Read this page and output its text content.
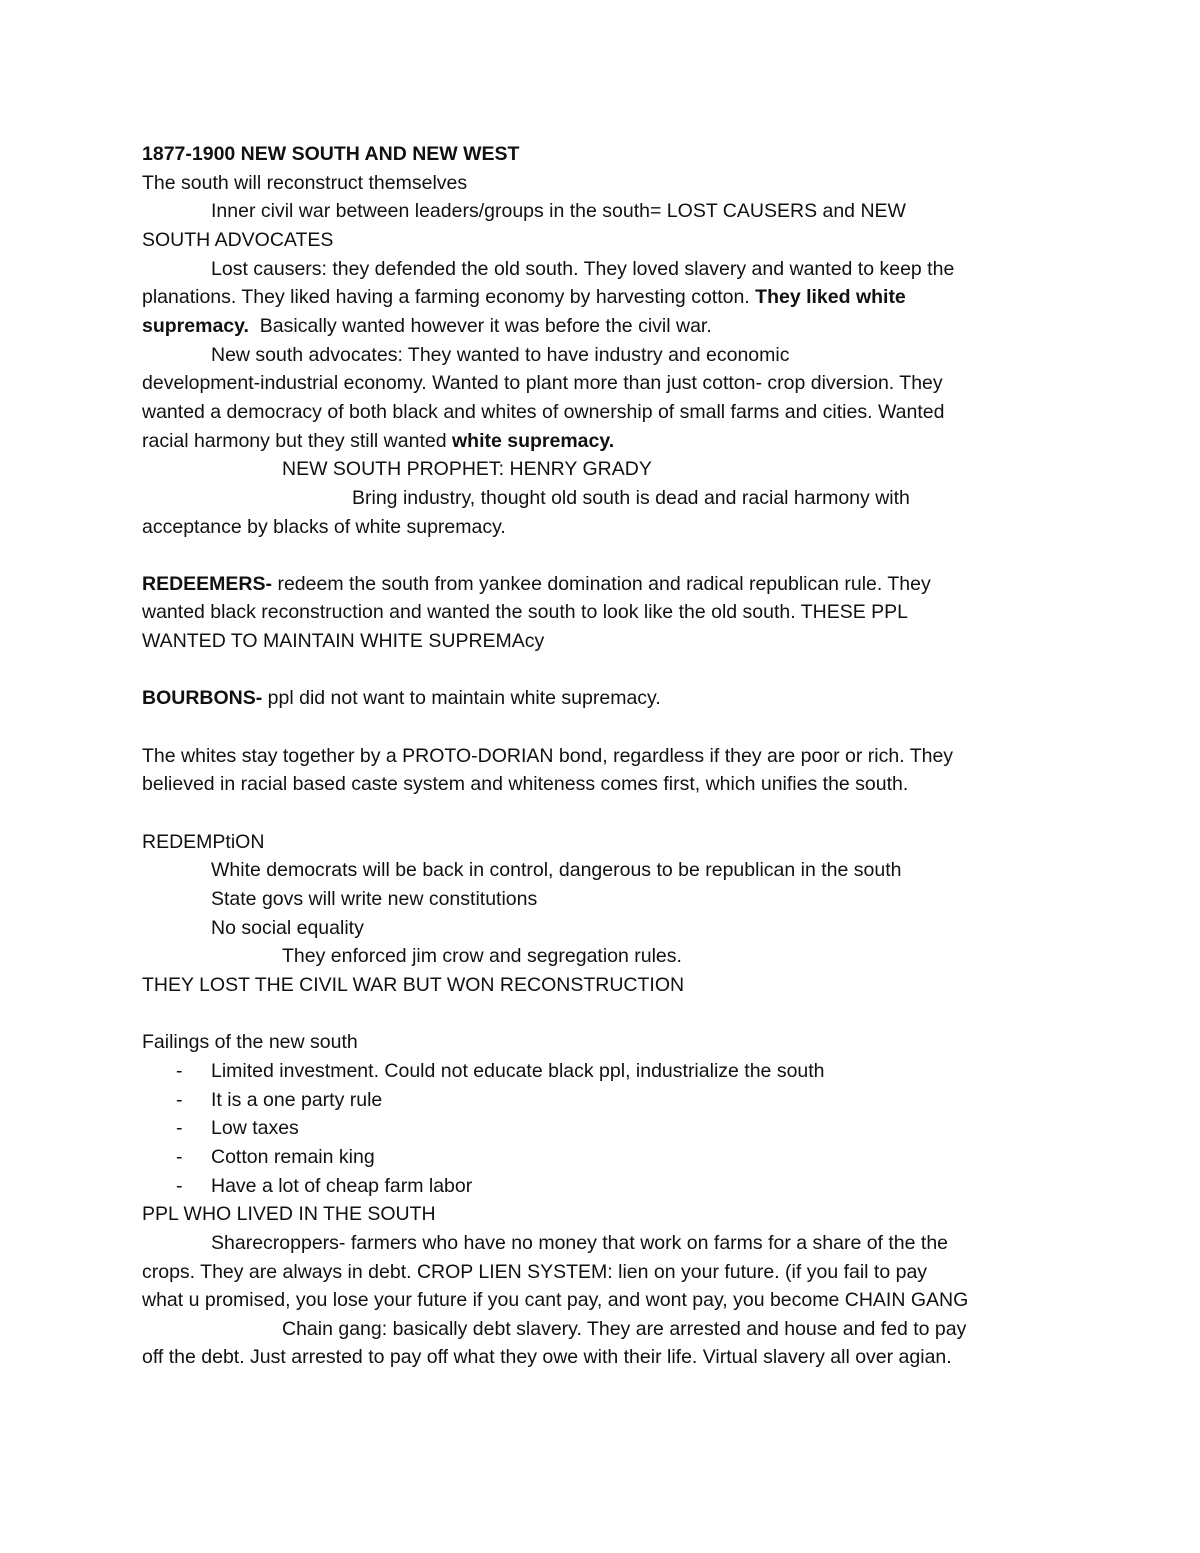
1877-1900 NEW SOUTH AND NEW WEST
The south will reconstruct themselves
Inner civil war between leaders/groups in the south= LOST CAUSERS and NEW
SOUTH ADVOCATES
Lost causers: they defended the old south. They loved slavery and wanted to keep the
planations. They liked having a farming economy by harvesting cotton. They liked white
supremacy.  Basically wanted however it was before the civil war.
New south advocates: They wanted to have industry and economic
development-industrial economy. Wanted to plant more than just cotton- crop diversion. They
wanted a democracy of both black and whites of ownership of small farms and cities. Wanted
racial harmony but they still wanted white supremacy.
NEW SOUTH PROPHET: HENRY GRADY
Bring industry, thought old south is dead and racial harmony with
acceptance by blacks of white supremacy.
REDEEMERS- redeem the south from yankee domination and radical republican rule. They
wanted black reconstruction and wanted the south to look like the old south. THESE PPL
WANTED TO MAINTAIN WHITE SUPREMAcy
BOURBONS- ppl did not want to maintain white supremacy.
The whites stay together by a PROTO-DORIAN bond, regardless if they are poor or rich. They
believed in racial based caste system and whiteness comes first, which unifies the south.
REDEMPtiON
White democrats will be back in control, dangerous to be republican in the south
State govs will write new constitutions
No social equality
They enforced jim crow and segregation rules.
THEY LOST THE CIVIL WAR BUT WON RECONSTRUCTION
Failings of the new south
- Limited investment. Could not educate black ppl, industrialize the south
- It is a one party rule
- Low taxes
- Cotton remain king
- Have a lot of cheap farm labor
PPL WHO LIVED IN THE SOUTH
Sharecroppers- farmers who have no money that work on farms for a share of the the
crops. They are always in debt. CROP LIEN SYSTEM: lien on your future. (if you fail to pay
what u promised, you lose your future if you cant pay, and wont pay, you become CHAIN GANG
Chain gang: basically debt slavery. They are arrested and house and fed to pay
off the debt. Just arrested to pay off what they owe with their life. Virtual slavery all over agian.
